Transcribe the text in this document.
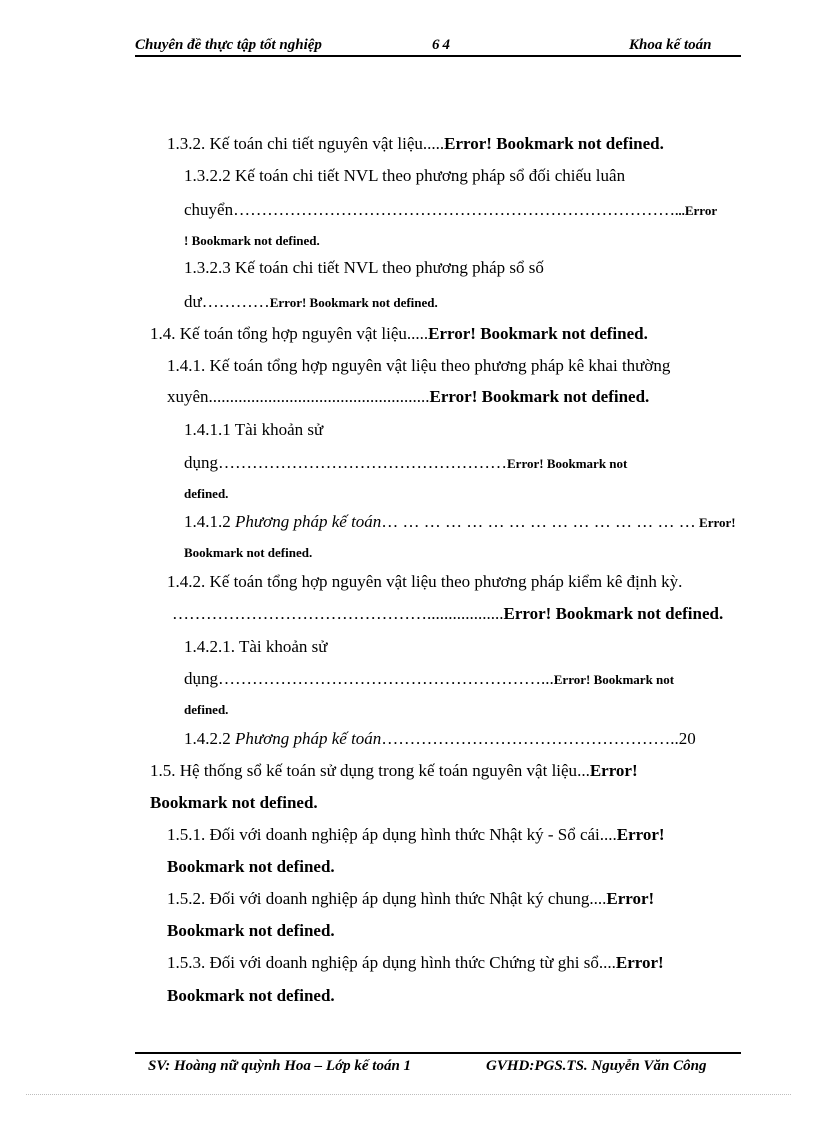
Chuyên đề thực tập tốt nghiệp	64	Khoa kế toán
1.3.2. Kế toán chi tiết nguyên vật liệu.....Error! Bookmark not defined.
1.3.2.2 Kế toán chi tiết NVL theo phương pháp sổ đối chiếu luân
chuyển……………………………………………………………………...Error
! Bookmark not defined.
1.3.2.3 Kế toán chi tiết NVL theo phương pháp sổ số
dư…………Error! Bookmark not defined.
1.4. Kế toán tổng hợp nguyên vật liệu.....Error! Bookmark not defined.
1.4.1. Kế toán tổng hợp nguyên vật liệu theo phương pháp kê khai thường
xuyên....................................................Error! Bookmark not defined.
1.4.1.1 Tài khoản sử
dụng……………………………………………Error! Bookmark not
defined.
1.4.1.2 Phương pháp kế toán… … … … … … … … … … … … … … … Error!
Bookmark not defined.
1.4.2. Kế toán tổng hợp nguyên vật liệu theo phương pháp kiểm kê định kỳ.
………………………………………..................Error! Bookmark not defined.
1.4.2.1. Tài khoản sử
dụng…………………………………………………...Error! Bookmark not
defined.
1.4.2.2 Phương pháp kế toán……………………………………………..20
1.5. Hệ thống sổ kế toán sử dụng trong kế toán nguyên vật liệu...Error!
Bookmark not defined.
1.5.1. Đối với doanh nghiệp áp dụng hình thức Nhật ký - Sổ cái....Error!
Bookmark not defined.
1.5.2. Đối với doanh nghiệp áp dụng hình thức Nhật ký chung....Error!
Bookmark not defined.
1.5.3. Đối với doanh nghiệp áp dụng hình thức Chứng từ ghi sổ....Error!
Bookmark not defined.
SV: Hoàng nữ quỳnh Hoa – Lớp kế toán 1	GVHD:PGS.TS. Nguyễn Văn Công
